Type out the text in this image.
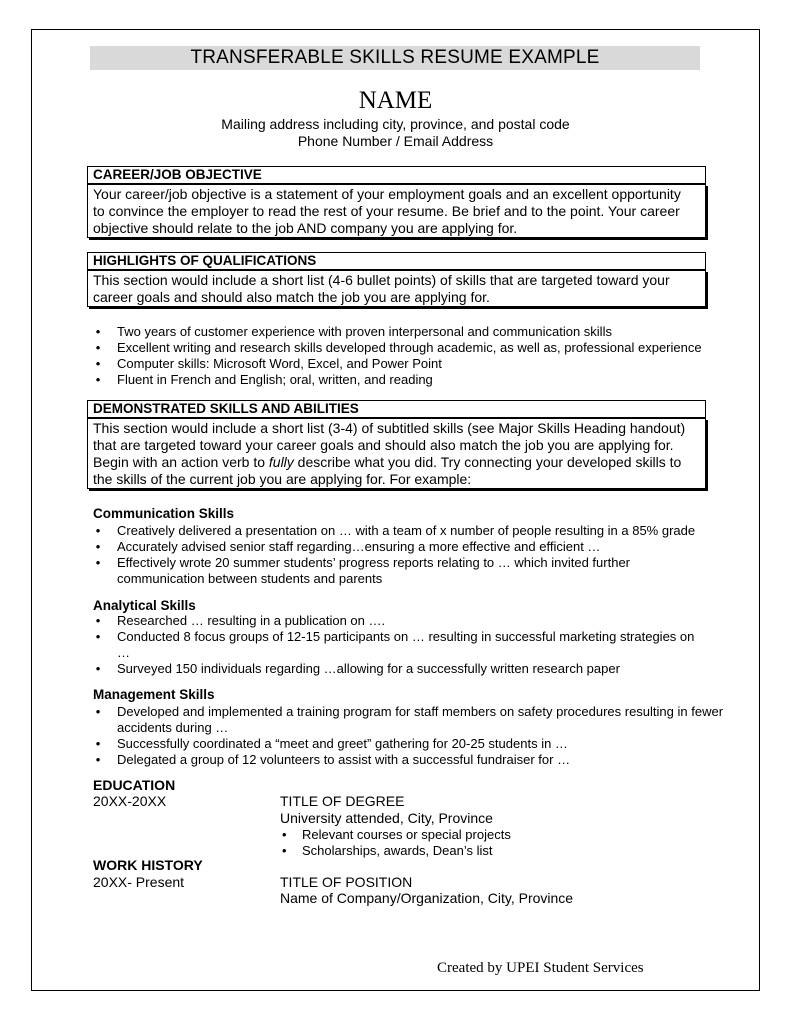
TRANSFERABLE SKILLS RESUME EXAMPLE
NAME
Mailing address including city, province, and postal code
Phone Number / Email Address
CAREER/JOB OBJECTIVE
Your career/job objective is a statement of your employment goals and an excellent opportunity
to convince the employer to read the rest of your resume. Be brief and to the point. Your career
objective should relate to the job AND company you are applying for.
HIGHLIGHTS OF QUALIFICATIONS
This section would include a short list (4-6 bullet points) of skills that are targeted toward your
career goals and should also match the job you are applying for.
• Two years of customer experience with proven interpersonal and communication skills
• Excellent writing and research skills developed through academic, as well as, professional experience
• Computer skills: Microsoft Word, Excel, and Power Point
• Fluent in French and English; oral, written, and reading
DEMONSTRATED SKILLS AND ABILITIES
This section would include a short list (3-4) of subtitled skills (see Major Skills Heading handout)
that are targeted toward your career goals and should also match the job you are applying for.
Begin with an action verb to fully describe what you did. Try connecting your developed skills to
the skills of the current job you are applying for. For example:
Communication Skills
• Creatively delivered a presentation on … with a team of x number of people resulting in a 85% grade
• Accurately advised senior staff regarding…ensuring a more effective and efficient …
• Effectively wrote 20 summer students’ progress reports relating to … which invited further communication between students and parents
Analytical Skills
• Researched … resulting in a publication on ….
• Conducted 8 focus groups of 12-15 participants on … resulting in successful marketing strategies on …
• Surveyed 150 individuals regarding …allowing for a successfully written research paper
Management Skills
• Developed and implemented a training program for staff members on safety procedures resulting in fewer accidents during …
• Successfully coordinated a “meet and greet” gathering for 20-25 students in …
• Delegated a group of 12 volunteers to assist with a successful fundraiser for …
EDUCATION
20XX-20XX	TITLE OF DEGREE
University attended, City, Province
• Relevant courses or special projects
• Scholarships, awards, Dean’s list
WORK HISTORY
20XX- Present	TITLE OF POSITION
Name of Company/Organization, City, Province
Created by UPEI Student Services
